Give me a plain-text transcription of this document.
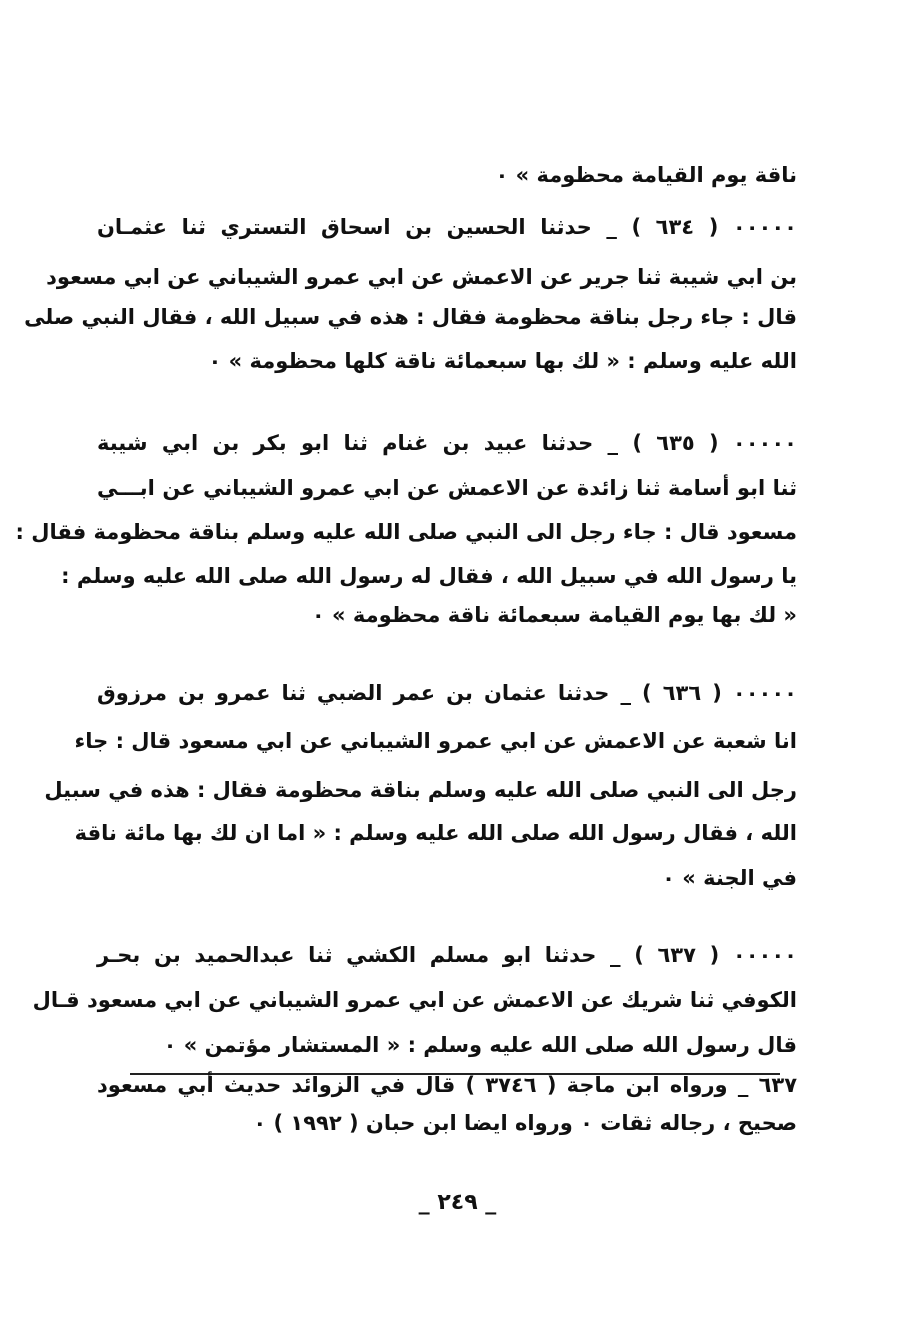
ناقة يوم القيامة محظومة » ٠
٠٠٠٠٠ ( ٦٣٤ ) _ حدثنا الحسين بن اسحاق التستري ثنا عثمـان
بن ابي شيبة ثنا جرير عن الاعمش عن ابي عمرو الشيباني عن ابي مسعود
قال : جاء رجل بناقة محظومة فقال : هذه في سبيل الله ، فقال النبي صلى
الله عليه وسلم : « لك بها سبعمائة ناقة كلها محظومة » ٠
٠٠٠٠٠ ( ٦٣٥ ) _ حدثنا عبيد بن غنام ثنا ابو بكر بن ابي شيبة
ثنا ابو أسامة ثنا زائدة عن الاعمش عن ابي عمرو الشيباني عن ابـــي
مسعود قال : جاء رجل الى النبي صلى الله عليه وسلم بناقة محظومة فقال :
يا رسول الله في سبيل الله ، فقال له رسول الله صلى الله عليه وسلم :
« لك بها يوم القيامة سبعمائة ناقة محظومة » ٠
٠٠٠٠٠ ( ٦٣٦ ) _ حدثنا عثمان بن عمر الضبي ثنا عمرو بن مرزوق
انا شعبة عن الاعمش عن ابي عمرو الشيباني عن ابي مسعود قال : جاء
رجل الى النبي صلى الله عليه وسلم بناقة محظومة فقال : هذه في سبيل
الله ، فقال رسول الله صلى الله عليه وسلم : « اما ان لك بها مائة ناقة
في الجنة » ٠
٠٠٠٠٠ ( ٦٣٧ ) _ حدثنا ابو مسلم الكشي ثنا عبدالحميد بن بحـر
الكوفي ثنا شريك عن الاعمش عن ابي عمرو الشيباني عن ابي مسعود قـال
قال رسول الله صلى الله عليه وسلم : « المستشار مؤتمن » ٠
٦٣٧ _ ورواه ابن ماجة ( ٣٧٤٦ ) قال في الزوائد حديث أبي مسعود
صحيح ، رجاله ثقات ٠ ورواه ايضا ابن حبان ( ١٩٩٢ ) ٠
_ ٢٤٩ _
